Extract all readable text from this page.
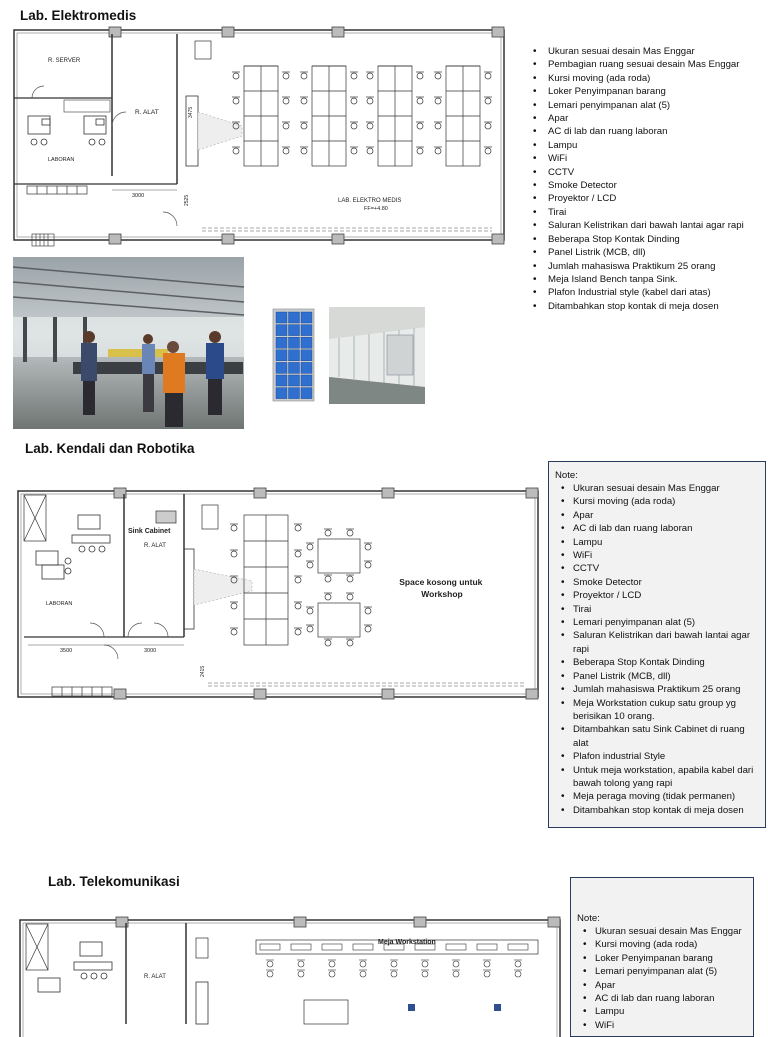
Lab. Elektromedis
3000	2525
3475
R. SERVER
R. ALAT
LABORAN
LAB. ELEKTRO MEDIS
FF=+4.80
• Ukuran sesuai desain Mas Enggar
• Pembagian ruang sesuai desain Mas Enggar
• Kursi moving (ada roda)
• Loker Penyimpanan barang
• Lemari penyimpanan alat (5)
• Apar
• AC di lab dan ruang laboran
• Lampu
• WiFi
• CCTV
• Smoke Detector
• Proyektor / LCD
• Tirai
• Saluran Kelistrikan dari bawah lantai agar rapi
• Beberapa Stop Kontak Dinding
• Panel Listrik (MCB, dll)
• Jumlah mahasiswa Praktikum 25 orang
• Meja Island Bench tanpa Sink.
• Plafon Industrial style (kabel dari atas)
• Ditambahkan stop kontak di meja dosen
Lab. Kendali dan Robotika
3500	3000
2415
Sink Cabinet
R. ALAT
LABORAN
Space kosong untuk Workshop
Note:
• Ukuran sesuai desain Mas Enggar
• Kursi moving (ada roda)
• Apar
• AC di lab dan ruang laboran
• Lampu
• WiFi
• CCTV
• Smoke Detector
• Proyektor / LCD
• Tirai
• Lemari penyimpanan alat (5)
• Saluran Kelistrikan dari bawah lantai agar rapi
• Beberapa Stop Kontak Dinding
• Panel Listrik (MCB, dll)
• Jumlah mahasiswa Praktikum 25 orang
• Meja Workstation cukup satu group yg berisikan 10 orang.
• Ditambahkan satu Sink Cabinet di ruang alat
• Plafon industrial Style
• Untuk meja workstation, apabila kabel dari bawah tolong yang rapi
• Meja peraga moving (tidak permanen)
• Ditambahkan stop kontak di meja dosen
Lab. Telekomunikasi
Meja Workstation
R. ALAT
Note:
• Ukuran sesuai desain Mas Enggar
• Kursi moving (ada roda)
• Loker Penyimpanan barang
• Lemari penyimpanan alat (5)
• Apar
• AC di lab dan ruang laboran
• Lampu
• WiFi
